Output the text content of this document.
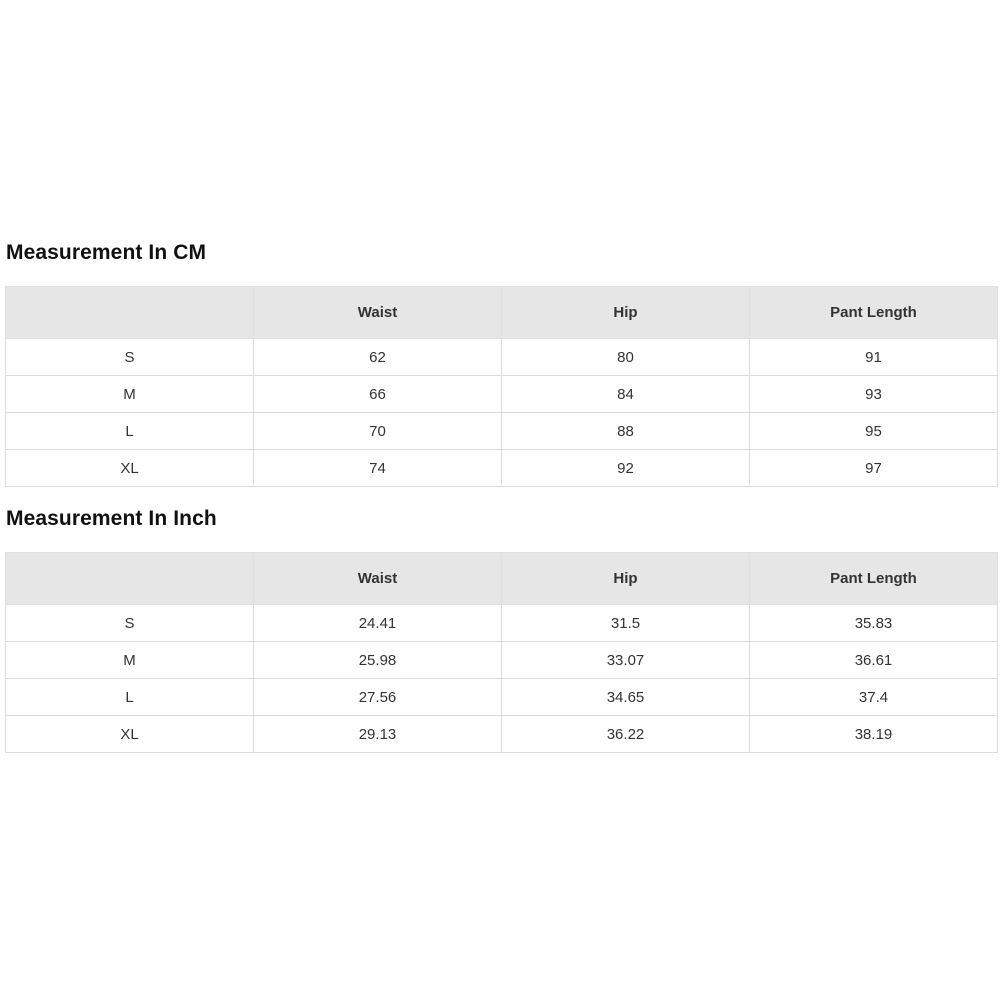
Measurement In CM
	Waist	Hip	Pant Length
S	62	80	91
M	66	84	93
L	70	88	95
XL	74	92	97
Measurement In Inch
	Waist	Hip	Pant Length
S	24.41	31.5	35.83
M	25.98	33.07	36.61
L	27.56	34.65	37.4
XL	29.13	36.22	38.19
